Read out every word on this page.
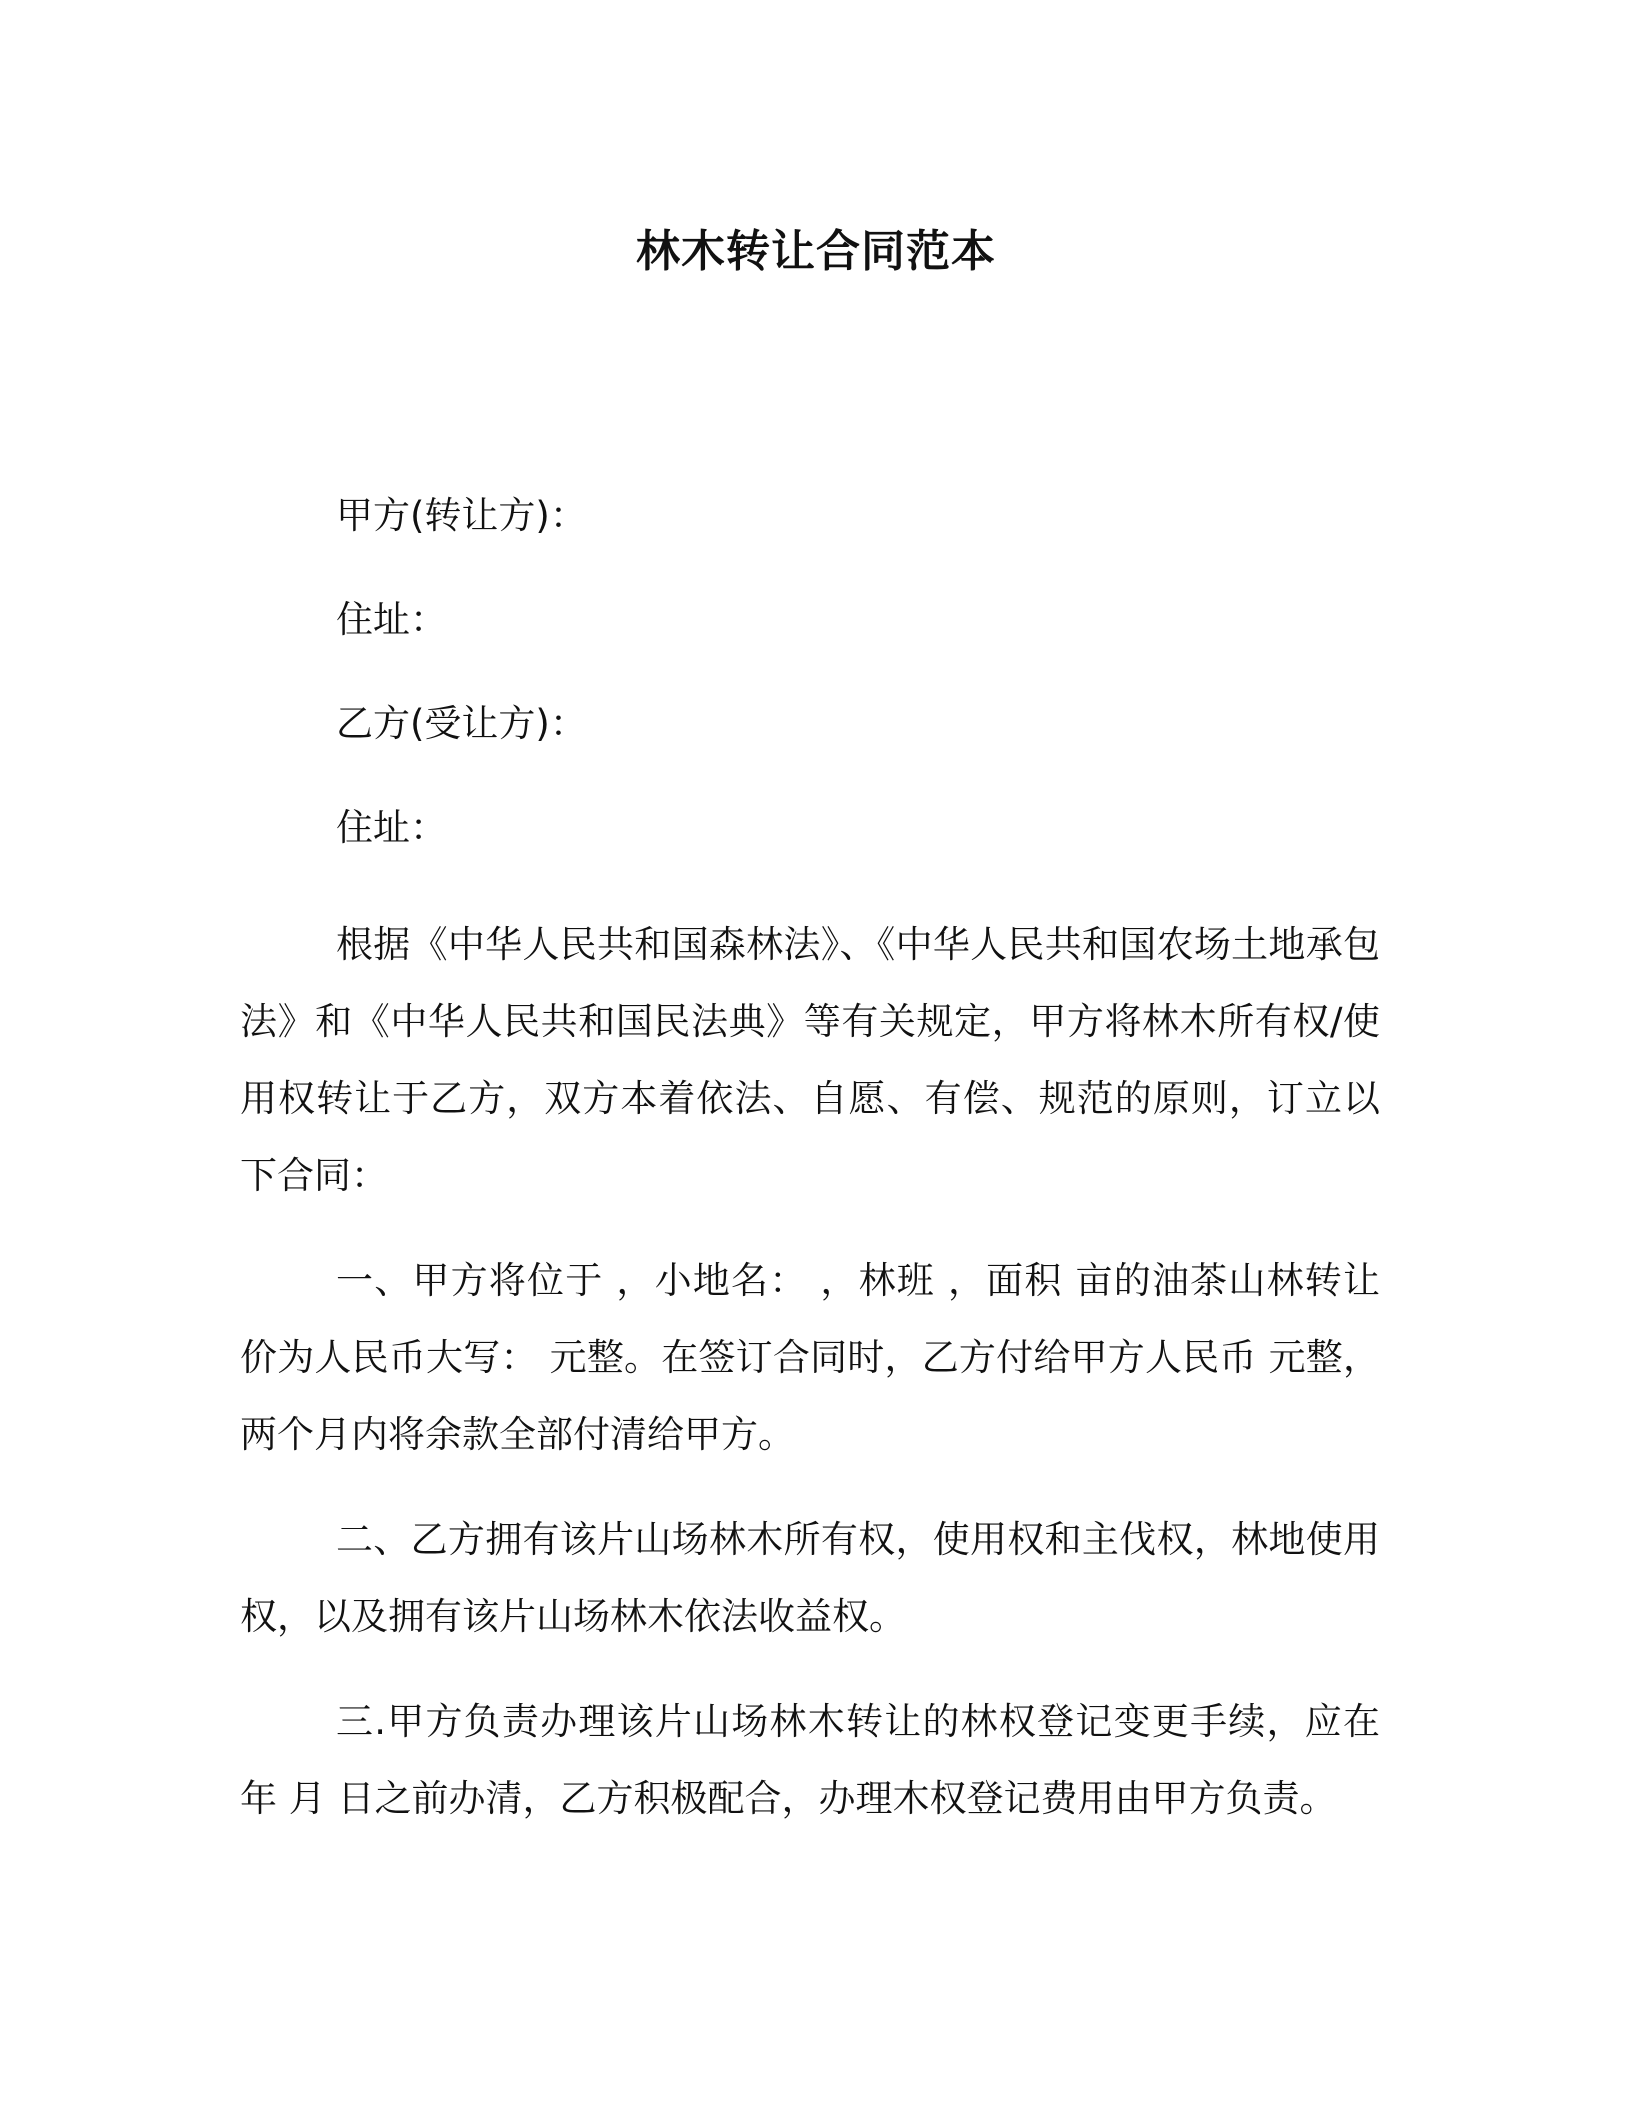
林木转让合同范本

甲方(转让方)：

住址：

乙方(受让方)：

住址：

根据《中华人民共和国森林法》、《中华人民共和国农场土地承包法》和《中华人民共和国民法典》等有关规定，甲方将林木所有权/使用权转让于乙方，双方本着依法、自愿、有偿、规范的原则，订立以下合同：

一、甲方将位于 ，小地名： ，林班 ，面积 亩的油茶山林转让价为人民币大写： 元整。在签订合同时，乙方付给甲方人民币 元整，两个月内将余款全部付清给甲方。

二、乙方拥有该片山场林木所有权，使用权和主伐权，林地使用权，以及拥有该片山场林木依法收益权。

三.甲方负责办理该片山场林木转让的林权登记变更手续，应在 年 月 日之前办清，乙方积极配合，办理木权登记费用由甲方负责。
